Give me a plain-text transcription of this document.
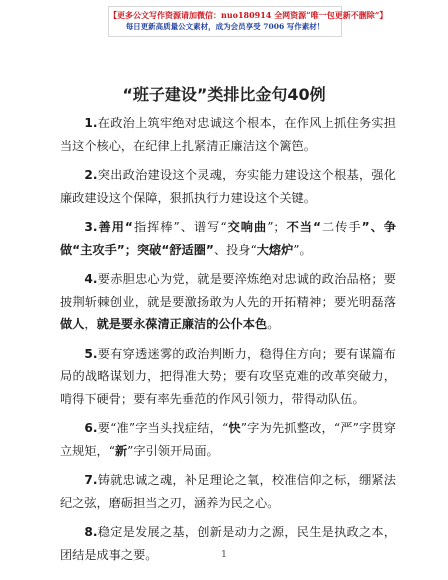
【更多公文写作资源请加微信：nuo180914 全网资源“唯一包更新不删除”】
每日更新高质量公文素材，成为会员享受 7006 写作素材！
“班子建设”类排比金句40例
1.在政治上筑牢绝对忠诚这个根本，在作风上抓住务实担当这个核心，在纪律上扎紧清正廉洁这个篱笆。
2.突出政治建设这个灵魂，夯实能力建设这个根基，强化廉政建设这个保障，狠抓执行力建设这个关键。
3.善用“指挥棒”、谱写“交响曲”；不当“二传手”、争做“主攻手”；突破“舒适圈”、投身“大熔炉”。
4.要赤胆忠心为党，就是要淬炼绝对忠诚的政治品格；要披荆斩棘创业，就是要激扬敢为人先的开拓精神；要光明磊落做人，就是要永葆清正廉洁的公仆本色。
5.要有穿透迷雾的政治判断力，稳得住方向；要有谋篇布局的战略谋划力，把得准大势；要有攻坚克难的改革突破力，啃得下硬骨；要有率先垂范的作风引领力，带得动队伍。
6.要“准”字当头找症结，“快”字为先抓整改，“严”字贯穿立规矩，“新”字引领开局面。
7.铸就忠诚之魂，补足理论之氧，校准信仰之标，绷紧法纪之弦，磨砺担当之刃，涵养为民之心。
8.稳定是发展之基，创新是动力之源，民生是执政之本，团结是成事之要。	1
